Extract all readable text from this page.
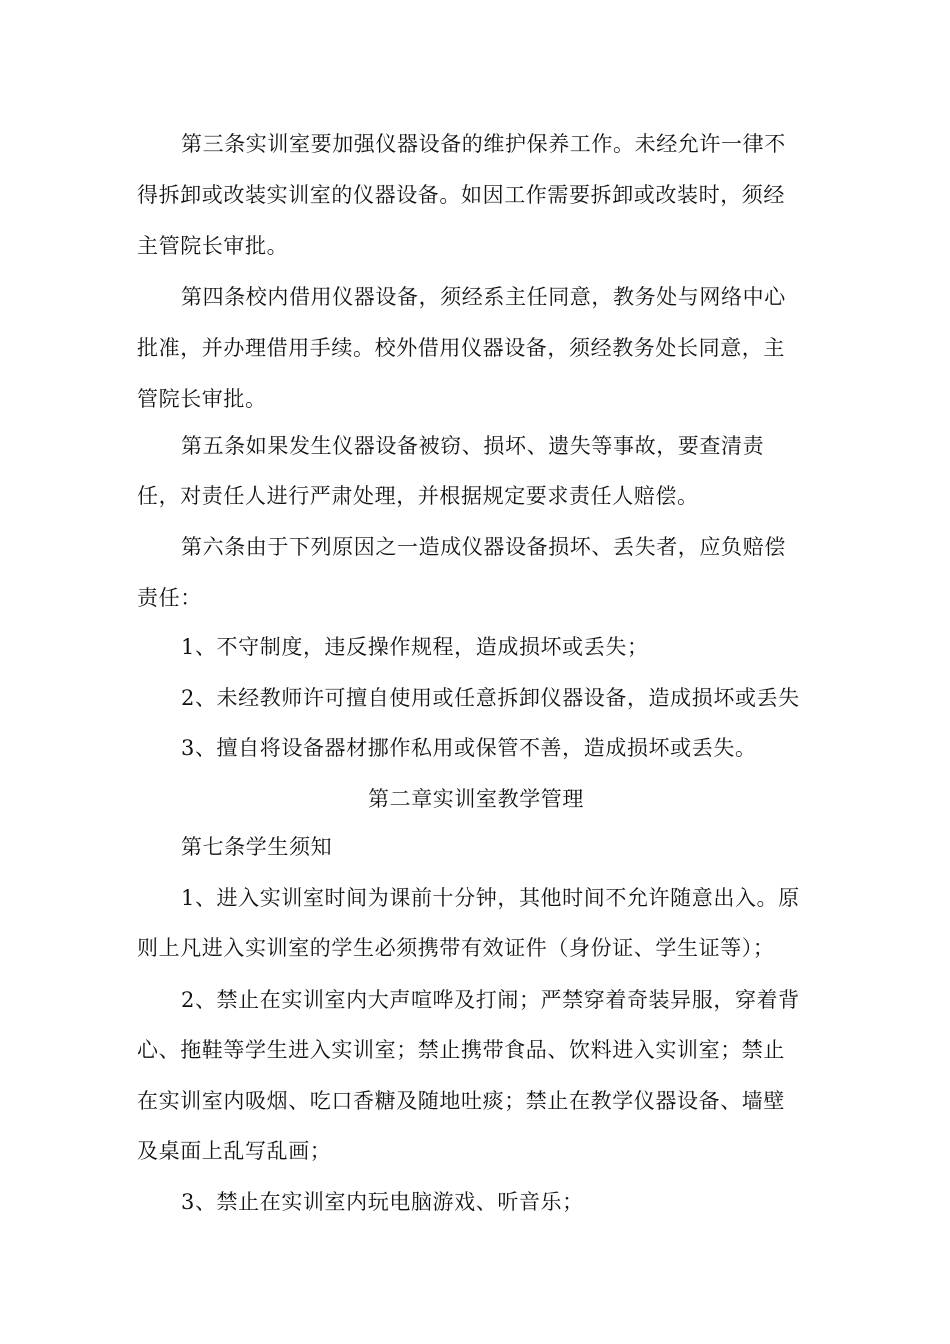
第三条实训室要加强仪器设备的维护保养工作。未经允许一律不
得拆卸或改装实训室的仪器设备。如因工作需要拆卸或改装时，须经
主管院长审批。
第四条校内借用仪器设备，须经系主任同意，教务处与网络中心
批准，并办理借用手续。校外借用仪器设备，须经教务处长同意，主
管院长审批。
第五条如果发生仪器设备被窃、损坏、遗失等事故，要查清责
任，对责任人进行严肃处理，并根据规定要求责任人赔偿。
第六条由于下列原因之一造成仪器设备损坏、丢失者，应负赔偿
责任：
1、不守制度，违反操作规程，造成损坏或丢失；
2、未经教师许可擅自使用或任意拆卸仪器设备，造成损坏或丢失
3、擅自将设备器材挪作私用或保管不善，造成损坏或丢失。
第二章实训室教学管理
第七条学生须知
1、进入实训室时间为课前十分钟，其他时间不允许随意出入。原
则上凡进入实训室的学生必须携带有效证件（身份证、学生证等）；
2、禁止在实训室内大声喧哗及打闹；严禁穿着奇装异服，穿着背
心、拖鞋等学生进入实训室；禁止携带食品、饮料进入实训室；禁止
在实训室内吸烟、吃口香糖及随地吐痰；禁止在教学仪器设备、墙壁
及桌面上乱写乱画；
3、禁止在实训室内玩电脑游戏、听音乐；
